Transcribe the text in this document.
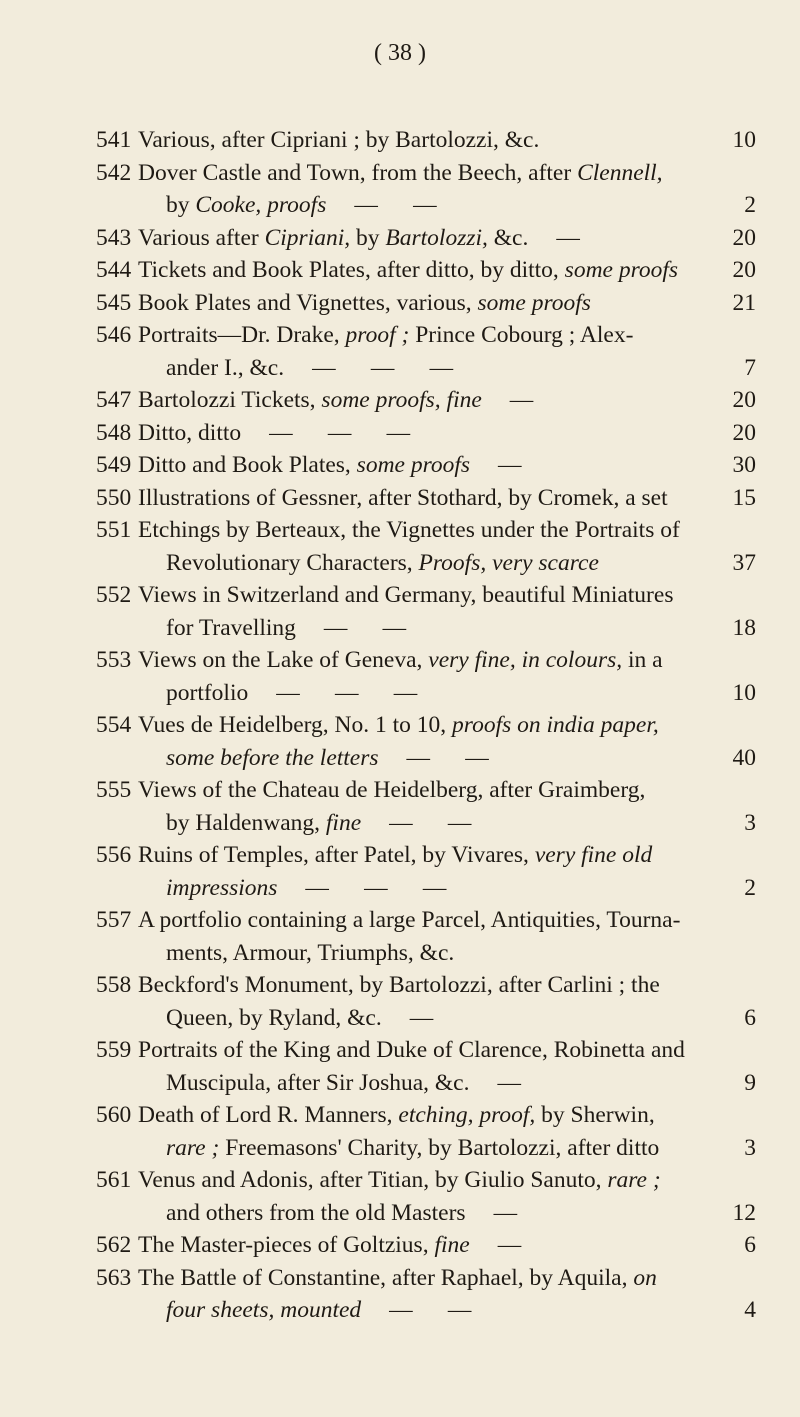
( 38 )
541 Various, after Cipriani ; by Bartolozzi, &c.	10
542 Dover Castle and Town, from the Beech, after Clennell,
by Cooke, proofs —      —	2
543 Various after Cipriani, by Bartolozzi, &c. —	20
544 Tickets and Book Plates, after ditto, by ditto, some proofs 20
545 Book Plates and Vignettes, various, some proofs	21
546 Portraits—Dr. Drake, proof ; Prince Cobourg ; Alex-
ander I., &c. —      —      —	7
547 Bartolozzi Tickets, some proofs, fine —	20
548 Ditto, ditto —      —      —	20
549 Ditto and Book Plates, some proofs —	30
550 Illustrations of Gessner, after Stothard, by Cromek, a set	15
551 Etchings by Berteaux, the Vignettes under the Portraits of
Revolutionary Characters, Proofs, very scarce	37
552 Views in Switzerland and Germany, beautiful Miniatures
for Travelling —      —	18
553 Views on the Lake of Geneva, very fine, in colours, in a
portfolio —      —      —	10
554 Vues de Heidelberg, No. 1 to 10, proofs on india paper,
some before the letters —      —	40
555 Views of the Chateau de Heidelberg, after Graimberg,
by Haldenwang, fine —      —	3
556 Ruins of Temples, after Patel, by Vivares, very fine old
impressions —      —      —	2
557 A portfolio containing a large Parcel, Antiquities, Tourna-
ments, Armour, Triumphs, &c.
558 Beckford's Monument, by Bartolozzi, after Carlini ; the
Queen, by Ryland, &c. —	6
559 Portraits of the King and Duke of Clarence, Robinetta and
Muscipula, after Sir Joshua, &c. —	9
560 Death of Lord R. Manners, etching, proof, by Sherwin,
rare ; Freemasons' Charity, by Bartolozzi, after ditto	3
561 Venus and Adonis, after Titian, by Giulio Sanuto, rare ;
and others from the old Masters —	12
562 The Master-pieces of Goltzius, fine —	6
563 The Battle of Constantine, after Raphael, by Aquila, on
four sheets, mounted —      —	4
